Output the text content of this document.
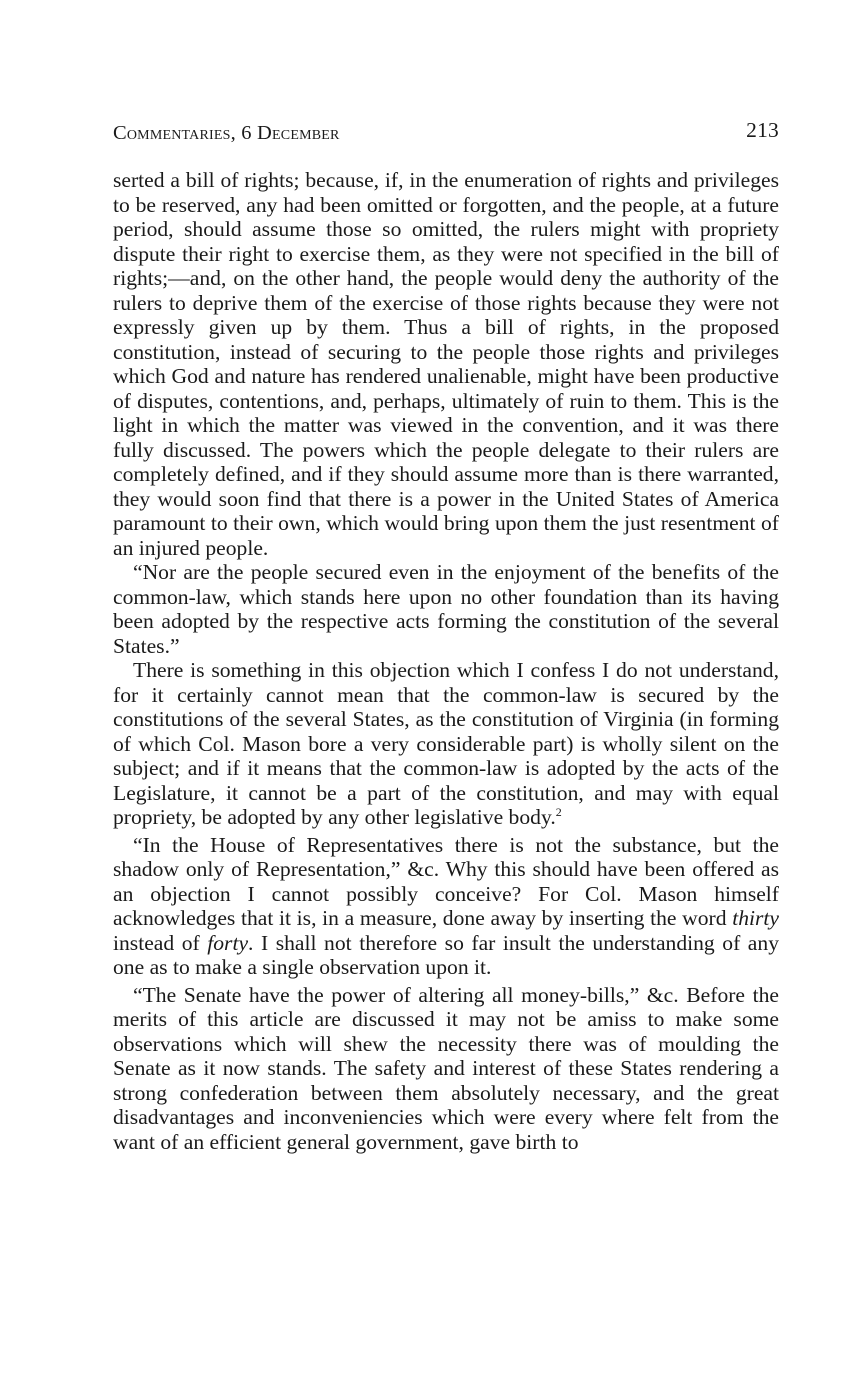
Commentaries, 6 December	213

serted a bill of rights; because, if, in the enumeration of rights and privileges to be reserved, any had been omitted or forgotten, and the people, at a future period, should assume those so omitted, the rulers might with propriety dispute their right to exercise them, as they were not specified in the bill of rights;—and, on the other hand, the people would deny the authority of the rulers to deprive them of the exercise of those rights because they were not expressly given up by them. Thus a bill of rights, in the proposed constitution, instead of securing to the people those rights and privileges which God and nature has rendered unalienable, might have been productive of disputes, contentions, and, perhaps, ultimately of ruin to them. This is the light in which the matter was viewed in the convention, and it was there fully discussed. The powers which the people delegate to their rulers are completely defined, and if they should assume more than is there warranted, they would soon find that there is a power in the United States of America paramount to their own, which would bring upon them the just resentment of an injured people.

“Nor are the people secured even in the enjoyment of the benefits of the common-law, which stands here upon no other foundation than its having been adopted by the respective acts forming the constitution of the several States.”

There is something in this objection which I confess I do not understand, for it certainly cannot mean that the common-law is secured by the constitutions of the several States, as the constitution of Virginia (in forming of which Col. Mason bore a very considerable part) is wholly silent on the subject; and if it means that the common-law is adopted by the acts of the Legislature, it cannot be a part of the constitution, and may with equal propriety, be adopted by any other legislative body.$^2$

“In the House of Representatives there is not the substance, but the shadow only of Representation,” &c. Why this should have been offered as an objection I cannot possibly conceive? For Col. Mason himself acknowledges that it is, in a measure, done away by inserting the word thirty instead of forty. I shall not therefore so far insult the understanding of any one as to make a single observation upon it.

“The Senate have the power of altering all money-bills,” &c. Before the merits of this article are discussed it may not be amiss to make some observations which will shew the necessity there was of moulding the Senate as it now stands. The safety and interest of these States rendering a strong confederation between them absolutely necessary, and the great disadvantages and inconveniencies which were every where felt from the want of an efficient general government, gave birth to
